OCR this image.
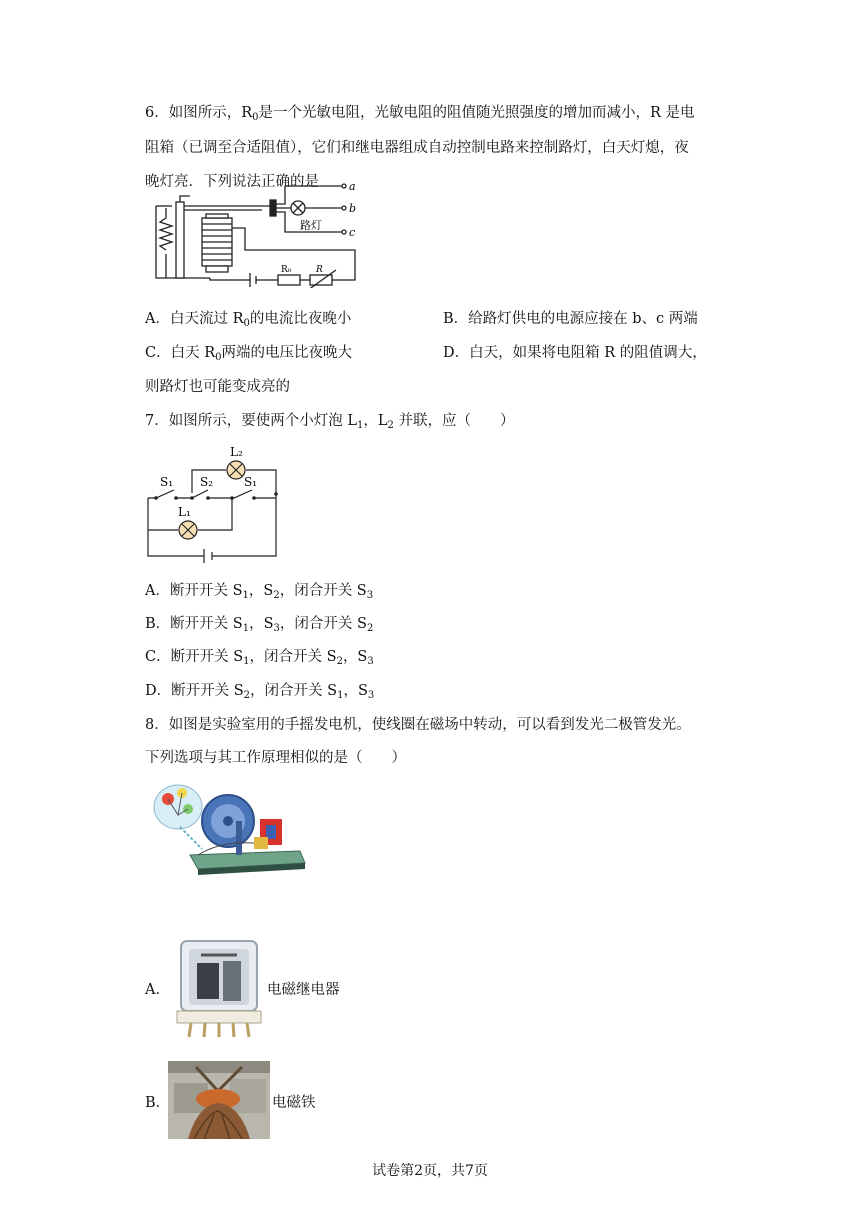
6．如图所示，$R_0$是一个光敏电阻，光敏电阻的阻值随光照强度的增加而减小，R 是电
阻箱（已调至合适阻值），它们和继电器组成自动控制电路来控制路灯，白天灯熄，夜
晚灯亮．下列说法正确的是	a
b
c
路灯
R₀	R
A．白天流过 $R_0$的电流比夜晚小	B．给路灯供电的电源应接在 b、c 两端
C．白天 $R_0$两端的电压比夜晚大	D．白天，如果将电阻箱 R 的阻值调大，
则路灯也可能变成亮的
7．如图所示，要使两个小灯泡 $L_1$，$L_2$ 并联，应（　　）
L₂
L₁
S₁ S₂	S₁
A．断开开关 $S_1$，$S_2$，闭合开关 $S_3$
B．断开开关 $S_1$，$S_3$，闭合开关 $S_2$
C．断开开关 $S_1$，闭合开关 $S_2$，$S_3$
D．断开开关 $S_2$，闭合开关 $S_1$，$S_3$
8．如图是实验室用的手摇发电机，使线圈在磁场中转动，可以看到发光二极管发光。
下列选项与其工作原理相似的是（　　）
A．	电磁继电器
B．	电磁铁
试卷第2页，共7页
